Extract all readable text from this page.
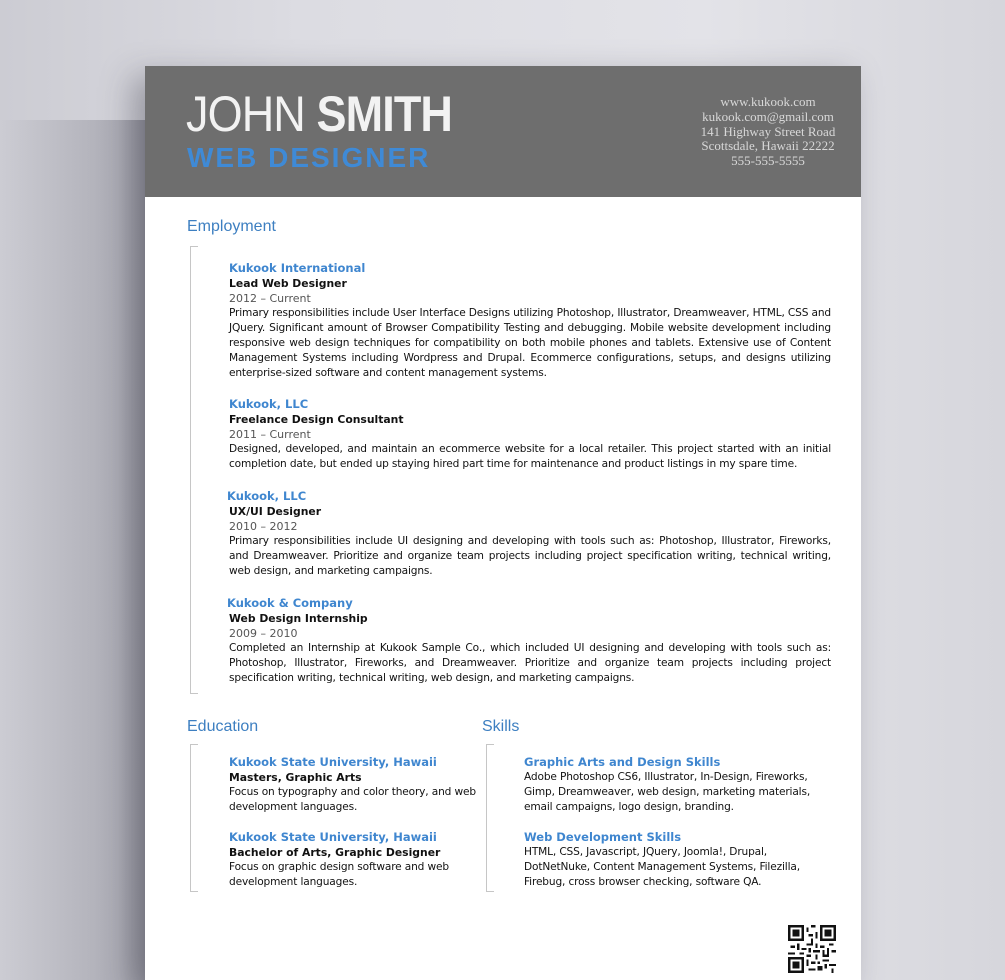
JOHN SMITH
WEB DESIGNER
www.kukook.com
kukook.com@gmail.com
141 Highway Street Road
Scottsdale, Hawaii 22222
555-555-5555
Employment
Kukook International
Lead Web Designer
2012 – Current
Primary responsibilities include User Interface Designs utilizing Photoshop, Illustrator, Dreamweaver, HTML, CSS and JQuery. Significant amount of Browser Compatibility Testing and debugging. Mobile website development including responsive web design techniques for compatibility on both mobile phones and tablets. Extensive use of Content Management Systems including Wordpress and Drupal. Ecommerce configurations, setups, and designs utilizing enterprise-sized software and content management systems.
Kukook, LLC
Freelance Design Consultant
2011 – Current
Designed, developed, and maintain an ecommerce website for a local retailer. This project started with an initial completion date, but ended up staying hired part time for maintenance and product listings in my spare time.
Kukook, LLC
UX/UI Designer
2010 – 2012
Primary responsibilities include UI designing and developing with tools such as: Photoshop, Illustrator, Fireworks, and Dreamweaver. Prioritize and organize team projects including project specification writing, technical writing, web design, and marketing campaigns.
Kukook & Company
Web Design Internship
2009 – 2010
Completed an Internship at Kukook Sample Co., which included UI designing and developing with tools such as: Photoshop, Illustrator, Fireworks, and Dreamweaver. Prioritize and organize team projects including project specification writing, technical writing, web design, and marketing campaigns.
Education
Kukook State University, Hawaii
Masters, Graphic Arts
Focus on typography and color theory, and web development languages.
Kukook State University, Hawaii
Bachelor of Arts, Graphic Designer
Focus on graphic design software and web development languages.
Skills
Graphic Arts and Design Skills
Adobe Photoshop CS6, Illustrator, In-Design, Fireworks, Gimp, Dreamweaver, web design, marketing materials, email campaigns, logo design, branding.
Web Development Skills
HTML, CSS, Javascript, JQuery, Joomla!, Drupal, DotNetNuke, Content Management Systems, Filezilla, Firebug, cross browser checking, software QA.
